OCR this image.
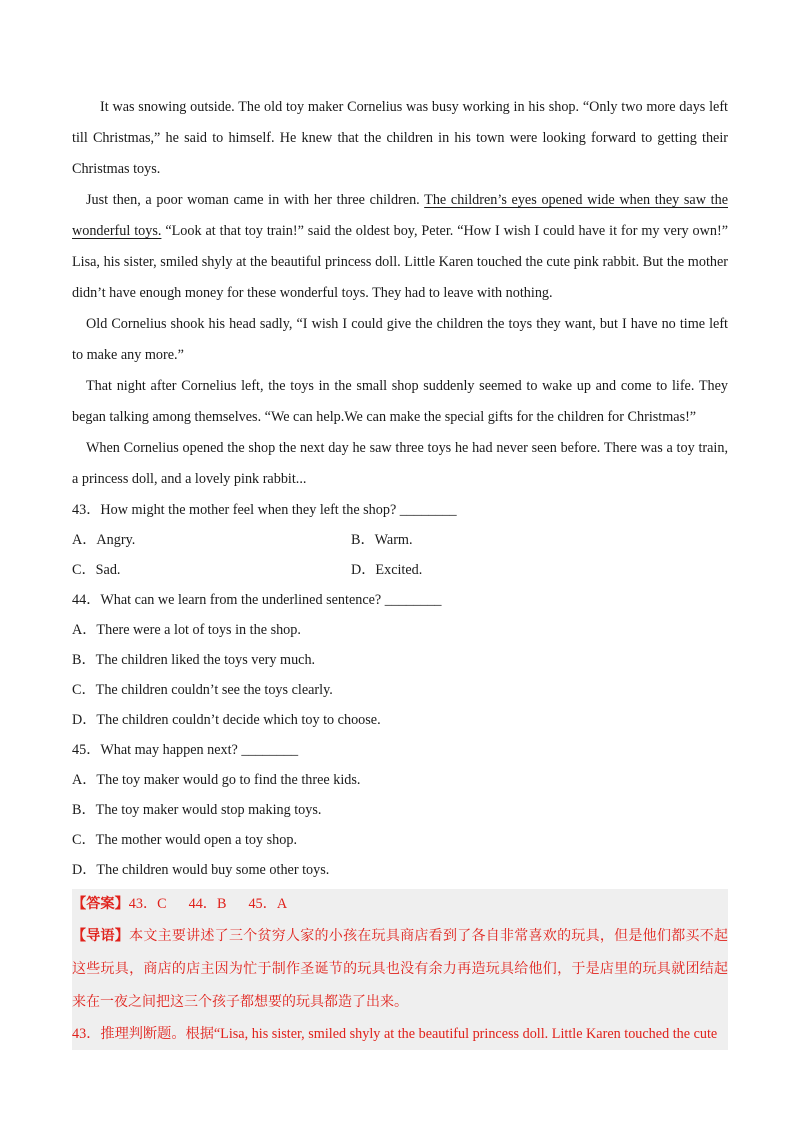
It was snowing outside. The old toy maker Cornelius was busy working in his shop. “Only two more days left till Christmas,” he said to himself. He knew that the children in his town were looking forward to getting their Christmas toys.

Just then, a poor woman came in with her three children. The children’s eyes opened wide when they saw the wonderful toys. “Look at that toy train!” said the oldest boy, Peter. “How I wish I could have it for my very own!” Lisa, his sister, smiled shyly at the beautiful princess doll. Little Karen touched the cute pink rabbit. But the mother didn’t have enough money for these wonderful toys. They had to leave with nothing.

Old Cornelius shook his head sadly, “I wish I could give the children the toys they want, but I have no time left to make any more.”

That night after Cornelius left, the toys in the small shop suddenly seemed to wake up and come to life. They began talking among themselves. “We can help.We can make the special gifts for the children for Christmas!”

When Cornelius opened the shop the next day he saw three toys he had never seen before. There was a toy train, a princess doll, and a lovely pink rabbit...

43．How might the mother feel when they left the shop? ________

A．Angry.	B．Warm.

C．Sad.	D．Excited.

44．What can we learn from the underlined sentence? ________

A．There were a lot of toys in the shop.

B．The children liked the toys very much.

C．The children couldn’t see the toys clearly.

D．The children couldn’t decide which toy to choose.

45．What may happen next? ________

A．The toy maker would go to find the three kids.

B．The toy maker would stop making toys.

C．The mother would open a toy shop.

D．The children would buy some other toys.

【答案】43．C 44．B 45．A

【导语】本文主要讲述了三个贫穷人家的小孩在玩具商店看到了各自非常喜欢的玩具，但是他们都买不起这些玩具，商店的店主因为忙于制作圣诞节的玩具也没有余力再造玩具给他们，于是店里的玩具就团结起来在一夜之间把这三个孩子都想要的玩具都造了出来。

43．推理判断题。根据“Lisa, his sister, smiled shyly at the beautiful princess doll. Little Karen touched the cute
